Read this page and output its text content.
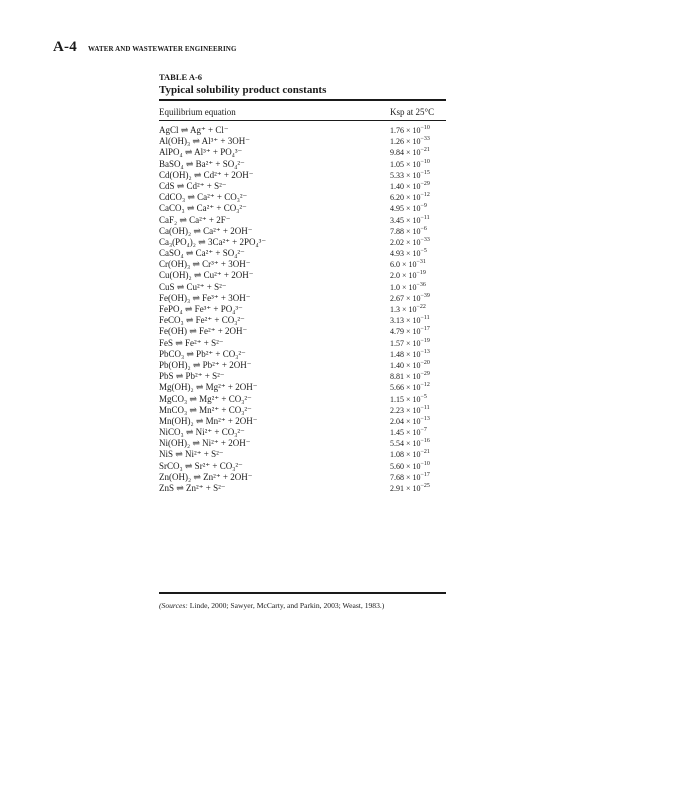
A-4 WATER AND WASTEWATER ENGINEERING
TABLE A-6
Typical solubility product constants
Equilibrium equation	Ksp at 25°C
AgCl ⇌ Ag⁺ + Cl⁻	$1.76 \times 10^{-10}$
Al(OH)₃ ⇌ Al³⁺ + 3OH⁻	$1.26 \times 10^{-33}$
AlPO₄ ⇌ Al³⁺ + PO₄³⁻	$9.84 \times 10^{-21}$
BaSO₄ ⇌ Ba²⁺ + SO₄²⁻	$1.05 \times 10^{-10}$
Cd(OH)₂ ⇌ Cd²⁺ + 2OH⁻	$5.33 \times 10^{-15}$
CdS ⇌ Cd²⁺ + S²⁻	$1.40 \times 10^{-29}$
CdCO₃ ⇌ Ca²⁺ + CO₃²⁻	$6.20 \times 10^{-12}$
CaCO₃ ⇌ Ca²⁺ + CO₃²⁻	$4.95 \times 10^{-9}$
CaF₂ ⇌ Ca²⁺ + 2F⁻	$3.45 \times 10^{-11}$
Ca(OH)₂ ⇌ Ca²⁺ + 2OH⁻	$7.88 \times 10^{-6}$
Ca₃(PO₄)₂ ⇌ 3Ca²⁺ + 2PO₄³⁻	$2.02 \times 10^{-33}$
CaSO₄ ⇌ Ca²⁺ + SO₄²⁻	$4.93 \times 10^{-5}$
Cr(OH)₃ ⇌ Cr³⁺ + 3OH⁻	$6.0 \times 10^{-31}$
Cu(OH)₂ ⇌ Cu²⁺ + 2OH⁻	$2.0 \times 10^{-19}$
CuS ⇌ Cu²⁺ + S²⁻	$1.0 \times 10^{-36}$
Fe(OH)₃ ⇌ Fe³⁺ + 3OH⁻	$2.67 \times 10^{-39}$
FePO₄ ⇌ Fe³⁺ + PO₄³⁻	$1.3 \times 10^{-22}$
FeCO₃ ⇌ Fe²⁺ + CO₃²⁻	$3.13 \times 10^{-11}$
Fe(OH) ⇌ Fe²⁺ + 2OH⁻	$4.79 \times 10^{-17}$
FeS ⇌ Fe²⁺ + S²⁻	$1.57 \times 10^{-19}$
PbCO₃ ⇌ Pb²⁺ + CO₃²⁻	$1.48 \times 10^{-13}$
Pb(OH)₂ ⇌ Pb²⁺ + 2OH⁻	$1.40 \times 10^{-20}$
PbS ⇌ Pb²⁺ + S²⁻	$8.81 \times 10^{-29}$
Mg(OH)₂ ⇌ Mg²⁺ + 2OH⁻	$5.66 \times 10^{-12}$
MgCO₃ ⇌ Mg²⁺ + CO₃²⁻	$1.15 \times 10^{-5}$
MnCO₃ ⇌ Mn²⁺ + CO₃²⁻	$2.23 \times 10^{-11}$
Mn(OH)₂ ⇌ Mn²⁺ + 2OH⁻	$2.04 \times 10^{-13}$
NiCO₃ ⇌ Ni²⁺ + CO₃²⁻	$1.45 \times 10^{-7}$
Ni(OH)₂ ⇌ Ni²⁺ + 2OH⁻	$5.54 \times 10^{-16}$
NiS ⇌ Ni²⁺ + S²⁻	$1.08 \times 10^{-21}$
SrCO₃ ⇌ Sr²⁺ + CO₃²⁻	$5.60 \times 10^{-10}$
Zn(OH)₂ ⇌ Zn²⁺ + 2OH⁻	$7.68 \times 10^{-17}$
ZnS ⇌ Zn²⁺ + S²⁻	$2.91 \times 10^{-25}$
(Sources: Linde, 2000; Sawyer, McCarty, and Parkin, 2003; Weast, 1983.)
